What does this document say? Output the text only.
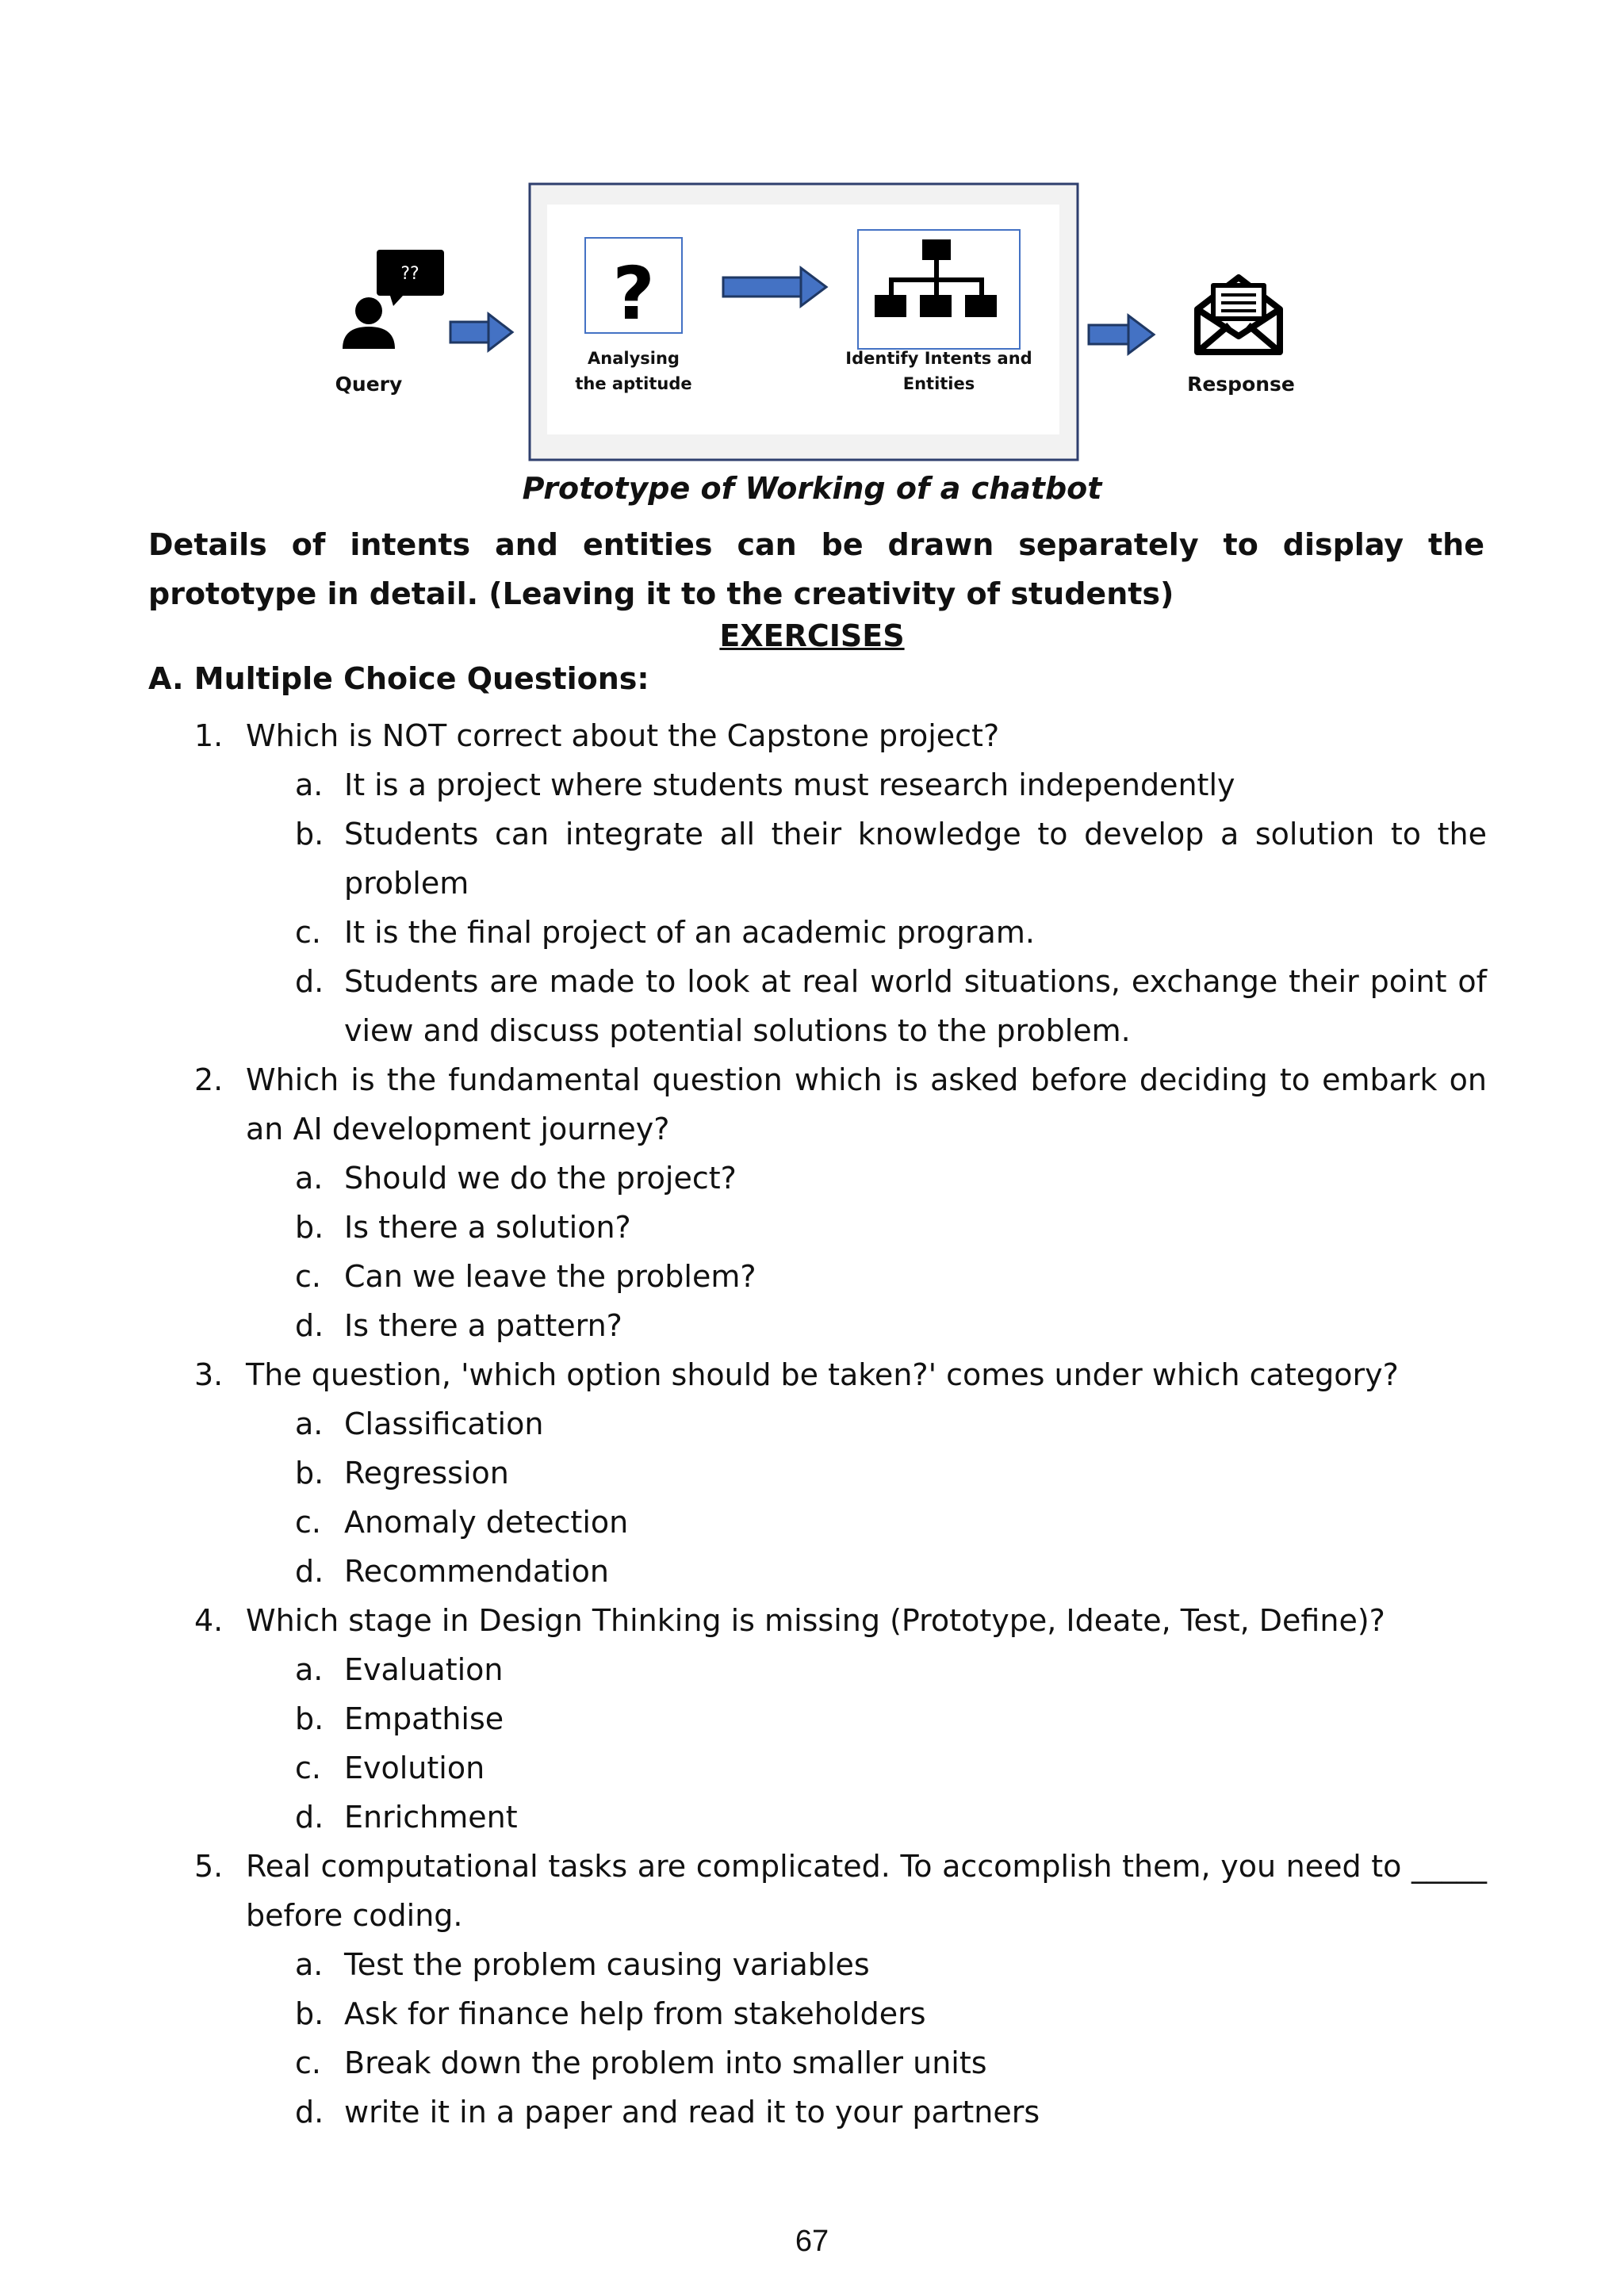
??	?
Query
Analysing
the aptitude
Identify Intents and
Entities	Response
Prototype of Working of a chatbot
Details of intents and entities can be drawn separately to display the prototype in detail. (Leaving it to the creativity of students)
EXERCISES
A. Multiple Choice Questions:
1. Which is NOT correct about the Capstone project?
a. It is a project where students must research independently
b. Students can integrate all their knowledge to develop a solution to the problem
c. It is the final project of an academic program.
d. Students are made to look at real world situations, exchange their point of view and discuss potential solutions to the problem.
2. Which is the fundamental question which is asked before deciding to embark on an AI development journey?
a. Should we do the project?
b. Is there a solution?
c. Can we leave the problem?
d. Is there a pattern?
3. The question, 'which option should be taken?' comes under which category?
a. Classification
b. Regression
c. Anomaly detection
d. Recommendation
4. Which stage in Design Thinking is missing (Prototype, Ideate, Test, Define)?
a. Evaluation
b. Empathise
c. Evolution
d. Enrichment
5. Real computational tasks are complicated. To accomplish them, you need to _____ before coding.
a. Test the problem causing variables
b. Ask for finance help from stakeholders
c. Break down the problem into smaller units
d. write it in a paper and read it to your partners
67
